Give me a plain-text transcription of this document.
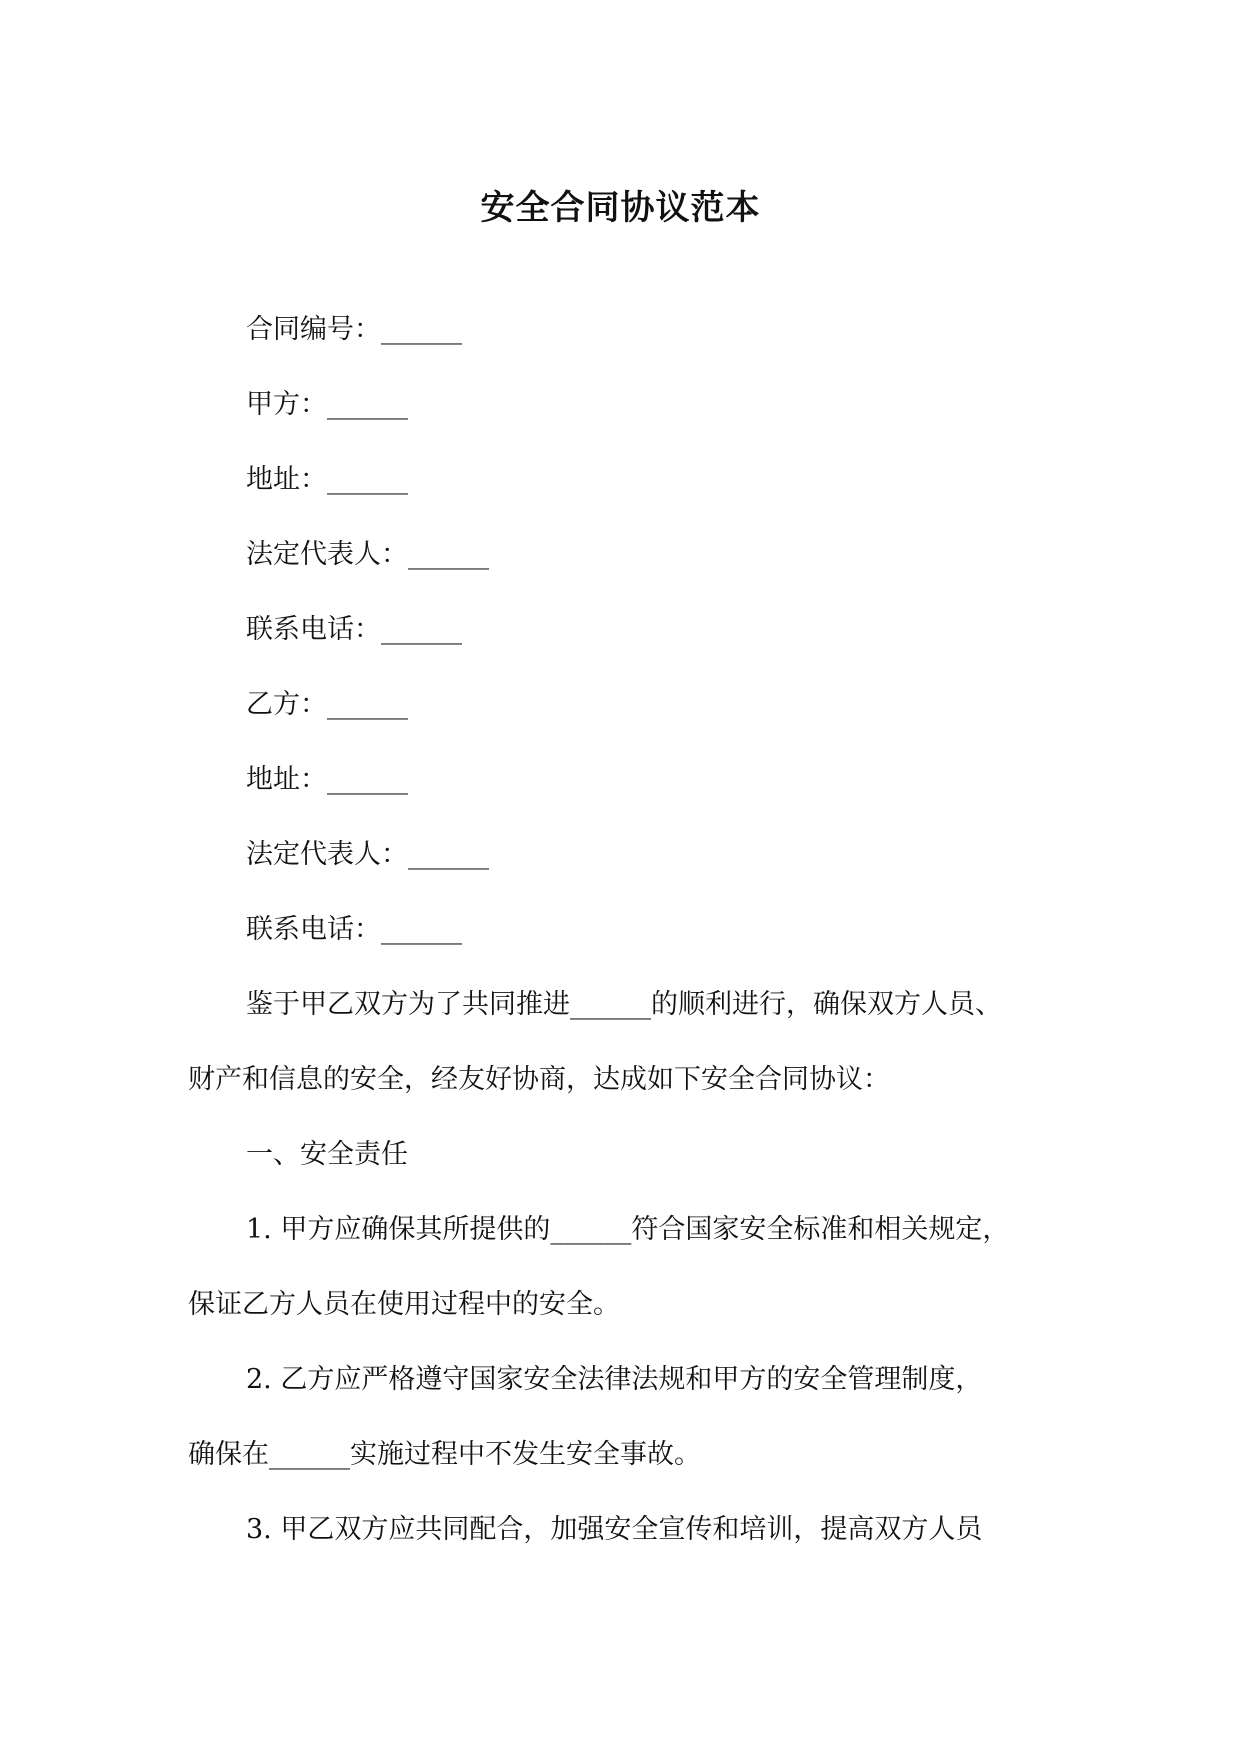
安全合同协议范本
合同编号：______
甲方：______
地址：______
法定代表人：______
联系电话：______
乙方：______
地址：______
法定代表人：______
联系电话：______
鉴于甲乙双方为了共同推进______的顺利进行，确保双方人员、
财产和信息的安全，经友好协商，达成如下安全合同协议：
一、安全责任
1. 甲方应确保其所提供的______符合国家安全标准和相关规定，
保证乙方人员在使用过程中的安全。
2. 乙方应严格遵守国家安全法律法规和甲方的安全管理制度，
确保在______实施过程中不发生安全事故。
3. 甲乙双方应共同配合，加强安全宣传和培训，提高双方人员
